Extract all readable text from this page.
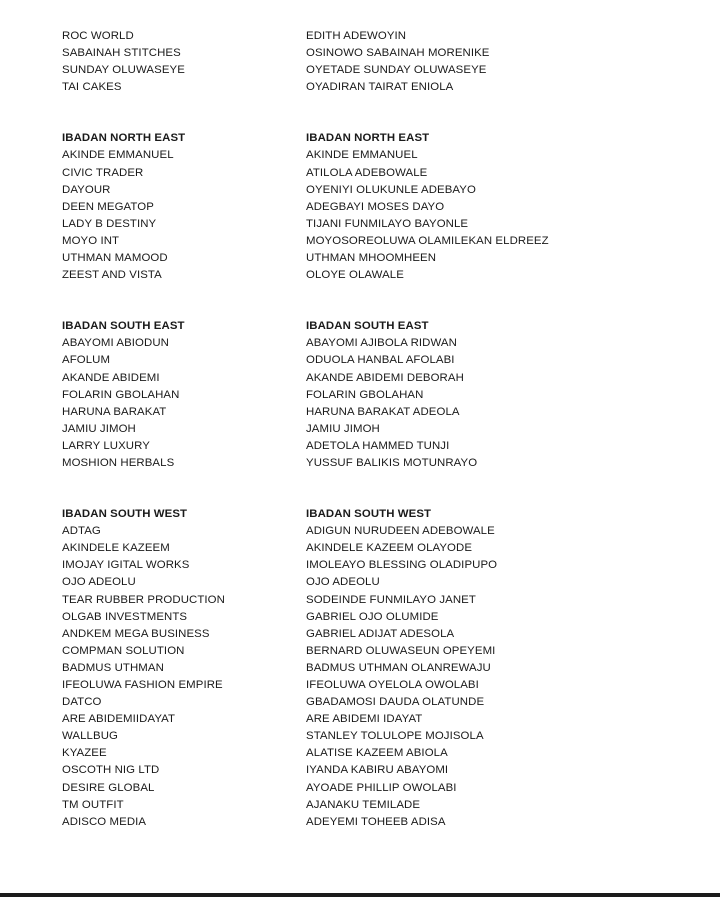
ROC WORLD	EDITH ADEWOYIN
SABAINAH STITCHES	OSINOWO SABAINAH MORENIKE
SUNDAY OLUWASEYE	OYETADE SUNDAY OLUWASEYE
TAI CAKES	OYADIRAN TAIRAT ENIOLA
IBADAN NORTH EAST	IBADAN NORTH EAST
AKINDE EMMANUEL	AKINDE EMMANUEL
CIVIC TRADER	ATILOLA ADEBOWALE
DAYOUR	OYENIYI OLUKUNLE ADEBAYO
DEEN MEGATOP	ADEGBAYI MOSES DAYO
LADY B DESTINY	TIJANI FUNMILAYO BAYONLE
MOYO INT	MOYOSOREOLUWA OLAMILEKAN ELDREEZ
UTHMAN MAMOOD	UTHMAN MHOOMHEEN
ZEEST AND VISTA	OLOYE OLAWALE
IBADAN SOUTH EAST	IBADAN SOUTH EAST
ABAYOMI ABIODUN	ABAYOMI AJIBOLA RIDWAN
AFOLUM	ODUOLA HANBAL AFOLABI
AKANDE ABIDEMI	AKANDE ABIDEMI DEBORAH
FOLARIN GBOLAHAN	FOLARIN GBOLAHAN
HARUNA BARAKAT	HARUNA BARAKAT ADEOLA
JAMIU JIMOH	JAMIU JIMOH
LARRY LUXURY	ADETOLA HAMMED TUNJI
MOSHION HERBALS	YUSSUF BALIKIS MOTUNRAYO
IBADAN SOUTH WEST	IBADAN SOUTH WEST
ADTAG	ADIGUN NURUDEEN ADEBOWALE
AKINDELE KAZEEM	AKINDELE KAZEEM OLAYODE
IMOJAY IGITAL WORKS	IMOLEAYO BLESSING OLADIPUPO
OJO ADEOLU	OJO ADEOLU
TEAR RUBBER PRODUCTION	SODEINDE FUNMILAYO JANET
OLGAB INVESTMENTS	GABRIEL OJO OLUMIDE
ANDKEM MEGA BUSINESS	GABRIEL ADIJAT ADESOLA
COMPMAN SOLUTION	BERNARD OLUWASEUN OPEYEMI
BADMUS UTHMAN	BADMUS UTHMAN OLANREWAJU
IFEOLUWA FASHION EMPIRE	IFEOLUWA OYELOLA OWOLABI
DATCO	GBADAMOSI DAUDA OLATUNDE
ARE ABIDEMIIDAYAT	ARE ABIDEMI IDAYAT
WALLBUG	STANLEY TOLULOPE MOJISOLA
KYAZEE	ALATISE KAZEEM ABIOLA
OSCOTH NIG LTD	IYANDA KABIRU ABAYOMI
DESIRE GLOBAL	AYOADE PHILLIP OWOLABI
TM OUTFIT	AJANAKU TEMILADE
ADISCO MEDIA	ADEYEMI TOHEEB ADISA
